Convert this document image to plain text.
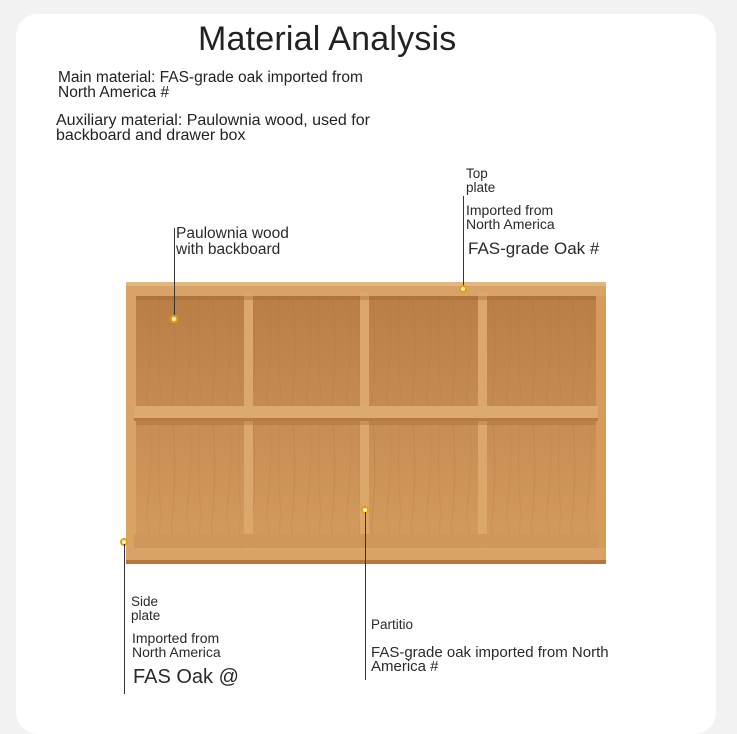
Material Analysis
Main material: FAS-grade oak imported from
North America #
Auxiliary material: Paulownia wood, used for
backboard and drawer box
Paulownia wood
with backboard
Top
plate
Imported from
North America
FAS-grade Oak #
Side
plate
Imported from
North America
FAS Oak @
Partitio
FAS-grade oak imported from North
America #
